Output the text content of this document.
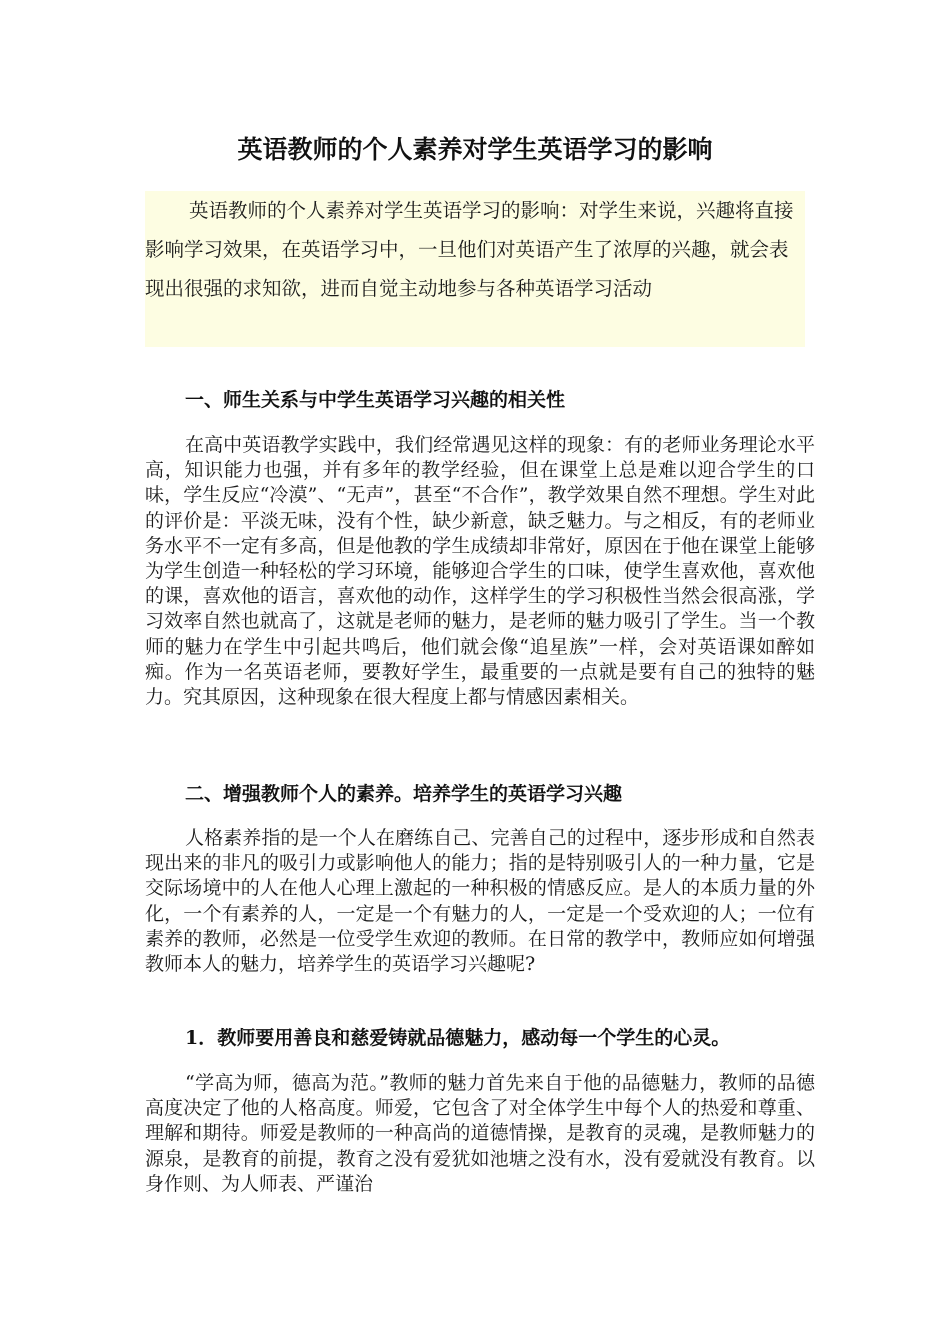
英语教师的个人素养对学生英语学习的影响

英语教师的个人素养对学生英语学习的影响：对学生来说，兴趣将直接影响学习效果，在英语学习中，一旦他们对英语产生了浓厚的兴趣，就会表现出很强的求知欲，进而自觉主动地参与各种英语学习活动

一、师生关系与中学生英语学习兴趣的相关性

在高中英语教学实践中，我们经常遇见这样的现象：有的老师业务理论水平高，知识能力也强，并有多年的教学经验，但在课堂上总是难以迎合学生的口味，学生反应“冷漠”、“无声”，甚至“不合作”，教学效果自然不理想。学生对此的评价是：平淡无味，没有个性，缺少新意，缺乏魅力。与之相反，有的老师业务水平不一定有多高，但是他教的学生成绩却非常好，原因在于他在课堂上能够为学生创造一种轻松的学习环境，能够迎合学生的口味，使学生喜欢他，喜欢他的课，喜欢他的语言，喜欢他的动作，这样学生的学习积极性当然会很高涨，学习效率自然也就高了，这就是老师的魅力，是老师的魅力吸引了学生。当一个教师的魅力在学生中引起共鸣后，他们就会像“追星族”一样，会对英语课如醉如痴。作为一名英语老师，要教好学生，最重要的一点就是要有自己的独特的魅力。究其原因，这种现象在很大程度上都与情感因素相关。

二、增强教师个人的素养。培养学生的英语学习兴趣

人格素养指的是一个人在磨练自己、完善自己的过程中，逐步形成和自然表现出来的非凡的吸引力或影响他人的能力；指的是特别吸引人的一种力量，它是交际场境中的人在他人心理上激起的一种积极的情感反应。是人的本质力量的外化，一个有素养的人，一定是一个有魅力的人，一定是一个受欢迎的人；一位有素养的教师，必然是一位受学生欢迎的教师。在日常的教学中，教师应如何增强教师本人的魅力，培养学生的英语学习兴趣呢?

1．教师要用善良和慈爱铸就品德魅力，感动每一个学生的心灵。

“学高为师，德高为范。”教师的魅力首先来自于他的品德魅力，教师的品德高度决定了他的人格高度。师爱，它包含了对全体学生中每个人的热爱和尊重、理解和期待。师爱是教师的一种高尚的道德情操，是教育的灵魂，是教师魅力的源泉，是教育的前提，教育之没有爱犹如池塘之没有水，没有爱就没有教育。以身作则、为人师表、严谨治
